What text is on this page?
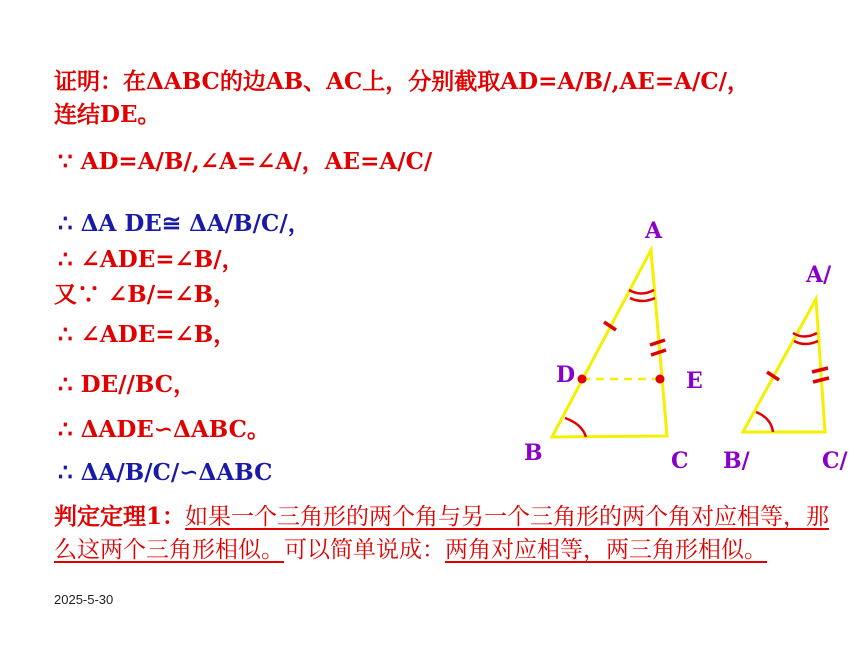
证明：在ΔABC的边AB、AC上，分别截取AD=A/B/,AE=A/C/，
连结DE。
∵ AD=A/B/,∠A=∠A/，AE=A/C/
∴ ΔA DE≅ ΔA/B/C/，
∴ ∠ADE=∠B/，
又∵ ∠B/=∠B，
∴ ∠ADE=∠B，
∴ DE//BC，
∴ ΔADE∽ΔABC。
∴ ΔA/B/C/∽ΔABC
判定定理1：如果一个三角形的两个角与另一个三角形的两个角对应相等，那么这两个三角形相似。可以简单说成：两角对应相等，两三角形相似。
2025-5-30
A
B	C
D	E
A/
B/	C/
